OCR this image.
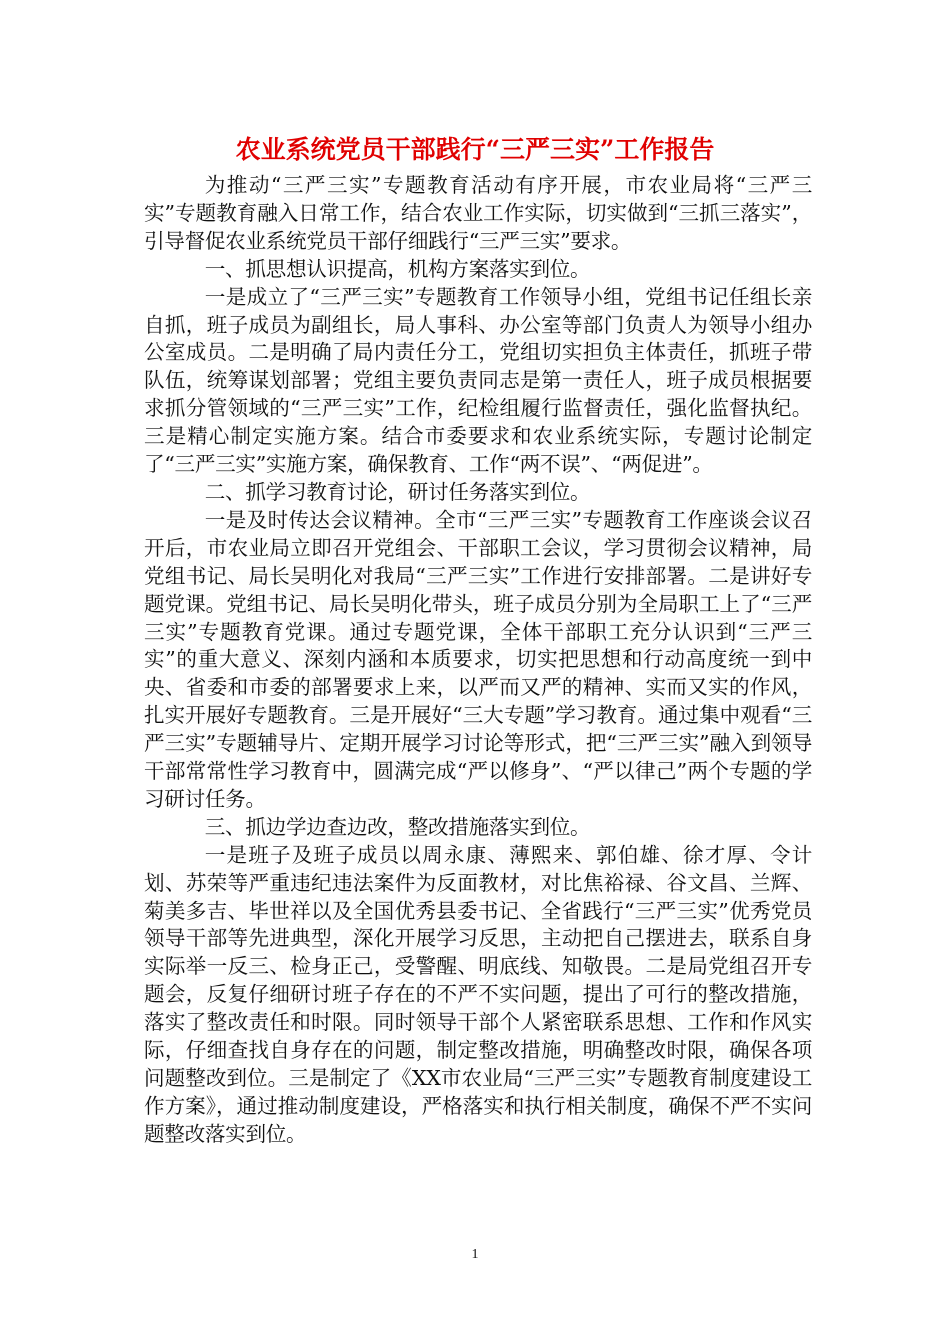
农业系统党员干部践行“三严三实”工作报告

为推动“三严三实”专题教育活动有序开展，市农业局将“三严三实”专题教育融入日常工作，结合农业工作实际，切实做到“三抓三落实”，引导督促农业系统党员干部仔细践行“三严三实”要求。

一、抓思想认识提高，机构方案落实到位。

一是成立了“三严三实”专题教育工作领导小组，党组书记任组长亲自抓，班子成员为副组长，局人事科、办公室等部门负责人为领导小组办公室成员。二是明确了局内责任分工，党组切实担负主体责任，抓班子带队伍，统筹谋划部署；党组主要负责同志是第一责任人，班子成员根据要求抓分管领域的“三严三实”工作，纪检组履行监督责任，强化监督执纪。三是精心制定实施方案。结合市委要求和农业系统实际，专题讨论制定了“三严三实”实施方案，确保教育、工作“两不误”、“两促进”。

二、抓学习教育讨论，研讨任务落实到位。

一是及时传达会议精神。全市“三严三实”专题教育工作座谈会议召开后，市农业局立即召开党组会、干部职工会议，学习贯彻会议精神，局党组书记、局长吴明化对我局“三严三实”工作进行安排部署。二是讲好专题党课。党组书记、局长吴明化带头，班子成员分别为全局职工上了“三严三实”专题教育党课。通过专题党课，全体干部职工充分认识到“三严三实”的重大意义、深刻内涵和本质要求，切实把思想和行动高度统一到中央、省委和市委的部署要求上来，以严而又严的精神、实而又实的作风，扎实开展好专题教育。三是开展好“三大专题”学习教育。通过集中观看“三严三实”专题辅导片、定期开展学习讨论等形式，把“三严三实”融入到领导干部常常性学习教育中，圆满完成“严以修身”、“严以律己”两个专题的学习研讨任务。

三、抓边学边查边改，整改措施落实到位。

一是班子及班子成员以周永康、薄熙来、郭伯雄、徐才厚、令计划、苏荣等严重违纪违法案件为反面教材，对比焦裕禄、谷文昌、兰辉、菊美多吉、毕世祥以及全国优秀县委书记、全省践行“三严三实”优秀党员领导干部等先进典型，深化开展学习反思，主动把自己摆进去，联系自身实际举一反三、检身正己，受警醒、明底线、知敬畏。二是局党组召开专题会，反复仔细研讨班子存在的不严不实问题，提出了可行的整改措施，落实了整改责任和时限。同时领导干部个人紧密联系思想、工作和作风实际，仔细查找自身存在的问题，制定整改措施，明确整改时限，确保各项问题整改到位。三是制定了《XX市农业局“三严三实”专题教育制度建设工作方案》，通过推动制度建设，严格落实和执行相关制度，确保不严不实问题整改落实到位。

1
